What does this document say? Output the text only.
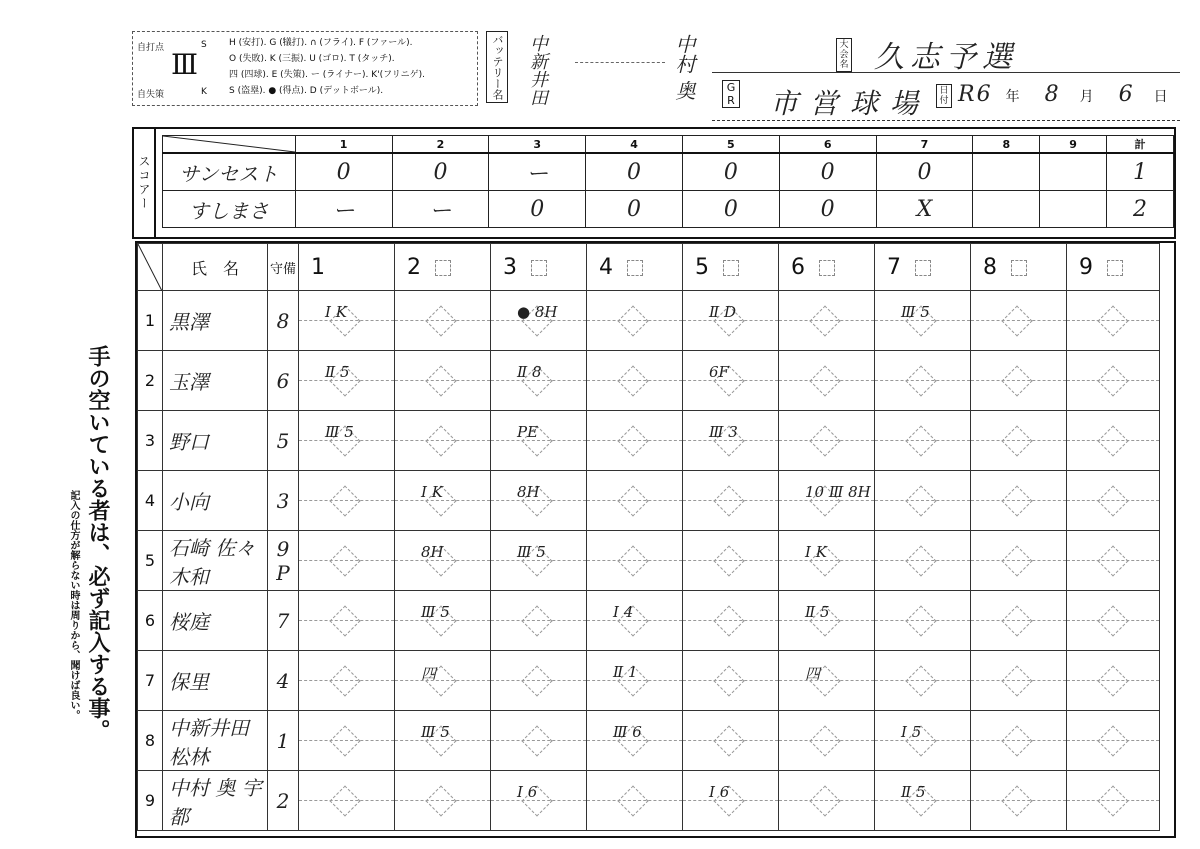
自打点	S
自失策	K
Ⅲ
H (安打). G (犠打). ∩ (フライ). F (ファール).
O (失敗). K (三振). U (ゴロ). T (タッチ).
四 (四球). E (失策). ー (ライナー). K'(フリニゲ).
S (盗塁). ● (得点). D (デットボール).	バッテリー名 中新井田	中村 奥	大会名 久志予選
G
R 市営球場	日付 R6 年 8 月 6 日
スコアー
	1	2	3	4	5	6	7	8	9	計
サンセスト	0	0	ー	0	0	0	0			1
すしまさ	ー	ー	0	0	0	0	X			2
手の空いている者は、必ず記入する事。
記入の仕方が解らない時は周りから、聞けば良い。
	氏　名	守備	1	2	3	4	5	6	7	8	9
1	黒澤	8	Ⅰ K		● 8H		Ⅱ D		Ⅲ 5		

2	玉澤	6	Ⅱ 5		Ⅱ 8		6F				

3	野口	5	Ⅲ 5		PE		Ⅲ 3				

4	小向	3		Ⅰ K	8H			10 Ⅲ 8H			

5	石崎 佐々木和	9 P		8H	Ⅲ 5			Ⅰ K			

6	桜庭	7		Ⅲ 5		Ⅰ 4		Ⅱ 5			

7	保里	4		四		Ⅱ 1		四			

8	中新井田 松林	1		Ⅲ 5		Ⅲ 6			Ⅰ 5		

9	中村 奥 宇都	2			Ⅰ 6		Ⅰ 6		Ⅱ 5		
